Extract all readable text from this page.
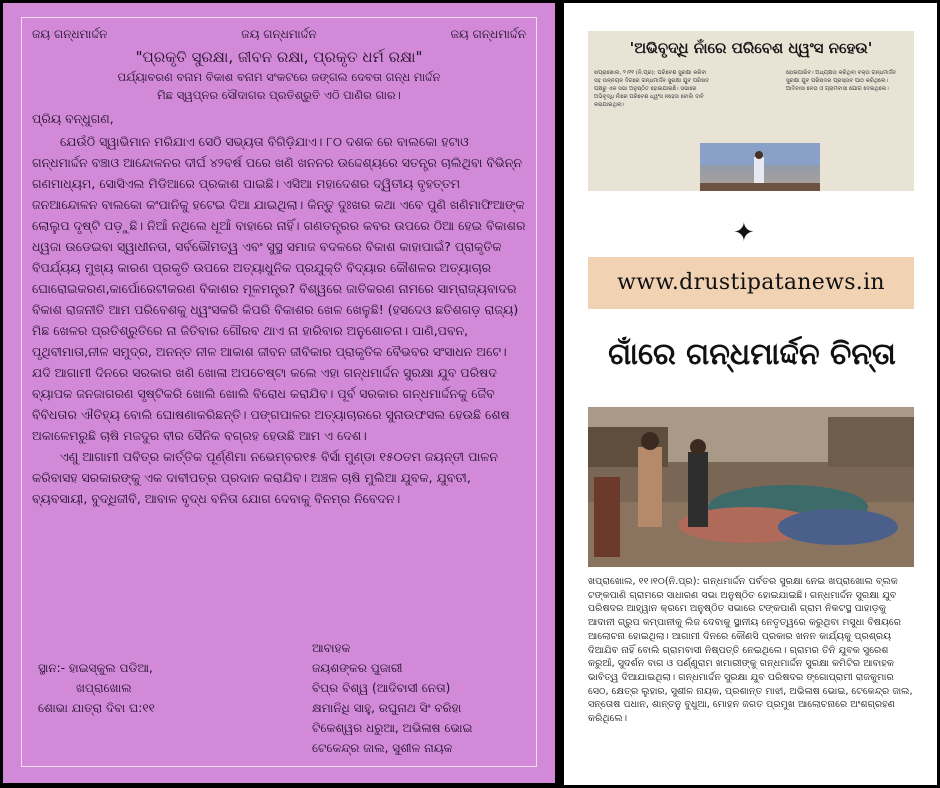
ଜୟ ଗନ୍ଧମାର୍ଦ୍ଦନ	ଜୟ ଗନ୍ଧମାର୍ଦ୍ଦନ	ଜୟ ଗନ୍ଧମାର୍ଦ୍ଦନ
"ପ୍ରକୃତି ସୁରକ୍ଷା, ଜୀବନ ରକ୍ଷା, ପ୍ରକୃତ ଧର୍ମ ରକ୍ଷା"
ପର୍ଯ୍ୟାବରଣ ବନାମ ବିକାଶ ବନାମ ସଂକଟରେ ଜଙ୍ଗଲ ଦେବତା ଗନ୍ଧ ମାର୍ଦ୍ଦନ
ମିଛ ସ୍ୱପ୍ନର ସୌଦାଗର ପ୍ରତିଶ୍ରୁତି ଏଠି ପାଣିର ଗାର।

ପ୍ରିୟ ବନ୍ଧୁଗଣ,

ଯେଉଁଠି ସ୍ୱାଭିମାନ ମରିଯାଏ ସେଠି ସଭ୍ୟତା ବିଗିଡ଼ିଯାଏ। ୮୦ ଦଶକ ରେ ବାଲକୋ ହଟାଓ ଗନ୍ଧମାର୍ଦ୍ଦନ ବଞ୍ଚାଓ ଆନ୍ଦୋଳନର ଦୀର୍ଘ ୪୨ବର୍ଷ ପରେ ଖଣି ଖନନର ଉଦ୍ଦେଶ୍ୟରେ ସତନ୍ତ୍ର ଚାଲିଥିବା ବିଭିନ୍ନ ଗଣମାଧ୍ୟମ, ସୋସିଏଲ ମିଡିଆରେ ପ୍ରକାଶ ପାଇଛି। ଏସିଆ ମହାଦେଶର ଦ୍ୱିତୀୟ ବୃହତ୍ତମ ଜନଆନ୍ଦୋଳନ ବାଲକୋ କଂପାନିକୁ ହଟେଇ ଦିଆ ଯାଇଥିଲା। କିନ୍ତୁ ଦୁଃଖର କଥା ଏବେ ପୁଣି ଖଣିମାଫିଆଙ୍କ ଲୋଲୁପ ଦୃଷ୍ଟି ପଡ଼ୁଛି। ନିଆଁ ନଥିଲେ ଧୂଆଁ ବାହାରେ ନାହିଁ। ଗଣତନ୍ତ୍ରର କବର ଉପରେ ଠିଆ ହେଇ ବିକାଶର ଧ୍ୱଜା ଉଡେଇବା ସ୍ୱାଧୀନତା, ସର୍ବଭୌମତ୍ୱ ଏବଂ ସୁସ୍ଥ ସମାଜ ବଦଳରେ ବିକାଶ କାହାପାଇଁ? ପ୍ରାକୃତିକ ବିପର୍ଯ୍ୟୟ ମୁଖ୍ୟ କାରଣ ପ୍ରକୃତି ଉପରେ ଅତ୍ୟାଧୁନିକ ପ୍ରଯୁକ୍ତି ବିଦ୍ୟାର କୌଶଳର ଅତ୍ୟାଚାର ଘୋରୋଇକରଣ,କାର୍ପୋରେଟୀକରଣ ବିକାଶର ମୂଳମନ୍ତ୍ର? ବିଶ୍ୱରେ ଜାତିକରଣ ନାମରେ ସାମ୍ରାଜ୍ୟବାଦର ବିକାଶ ରାଜନୀତି ଆମ ପରିବେଶକୁ ଧ୍ୱଂସକରି କିପରି ବିକାଶର ଖେଳ ଖେଳୁଛି! (ହସଦେଓ ଛତିଶଗଡ଼ ରାଜ୍ୟ) ମିଛ ଖେଳର ପ୍ରତିଶ୍ରୁତିରେ ନା ଜିତିବାର ଗୌରବ ଥାଏ ନା ହାରିବାର ଅନୁଶୋଚନା। ପାଣି,ପବନ, ପୃଥିବୀମାତା,ନୀଳ ସମୁଦ୍ର, ଅନନ୍ତ ନୀଳ ଆକାଶ ଜୀବନ ଜୀବିକାର ପ୍ରାକୃତିକ ବୈଭବର ସଂସାଧନ ଅଟେ। ଯଦି ଆଗାମୀ ଦିନରେ ସରକାର ଖଣି ଖୋଳା ଅପଚେଷ୍ଟା କଲେ ଏହା ଗନ୍ଧମାର୍ଦ୍ଦନ ସୁରକ୍ଷା ଯୁବ ପରିଷଦ ବ୍ୟାପକ ଜନଜାଗରଣ ସୃଷ୍ଟିକରି ଖୋଲି ଖୋଲି ବିରୋଧ କରାଯିବ। ପୂର୍ବ ସରକାର ଗନ୍ଧମାର୍ଦ୍ଦନକୁ ଜୈବ ବିବିଧତାର ଐତିହ୍ୟ ବୋଲି ଘୋଷଣାକରିଛନ୍ତି। ପଙ୍ଗପାଳର ଅତ୍ୟାଚାରରେ ସୁନାଉଫସଲ ହେଉଛି ଶେଷ ଅକାଳେମରୁଛି ଚାଷି ମଜଦୁର ବୀର ସୈନିକ ବଗ୍ରହ ହେଉଛି ଆମ ଏ ଦେଶ।

ଏଣୁ ଆଗାମୀ ପବିତ୍ର କାର୍ତ୍ତିକ ପୂର୍ଣ୍ଣିମା ନଭେମ୍ବର୧୫ ବିର୍ସା ମୁଣ୍ଡା ୧୫୦ତମ ଜୟନ୍ତୀ ପାଳନ କରିବାସହ ସରକାରଙ୍କୁ ଏକ ଦାବୀପତ୍ର ପ୍ରଦାନ କରାଯିବ। ଅଞ୍ଚଳ ଚାଷି ମୁଲିଆ ଯୁବକ, ଯୁବତୀ, ବ୍ୟବସାୟୀ, ବୁଦ୍ଧିଜୀବି, ଆବାଳ ବୃଦ୍ଧ ବନିତା ଯୋଗ ଦେବାକୁ ବିନମ୍ର ନିବେଦନ।

ସ୍ଥାନ:- ହାଇସ୍କୁଲ ପଡିଆ,
ଖପ୍ରାଖୋଲ
ଶୋଭା ଯାତ୍ରା ଦିବା ଘ:୧୧
ଆବାହକ
ଜୟଶଙ୍କର ପୁଜାରୀ
ବିପ୍ର ବିଶ୍ୱ (ଆଦିବାସୀ ନେତା)
କ୍ଷମାନିଧି ସାହୁ, ରଘୁନାଥ ସିଂ ବରିହା
ଟିକେଶ୍ୱର ଧରୁଆ, ଅଭିଳାଷ ଭୋଇ
ଟେକେନ୍ଦ୍ର ଜାଲ, ସୁଶୀଳ ନାୟକ
'ଅଭିବୃଦ୍ଧି ନାଁରେ ପରିବେଶ ଧ୍ୱଂସ ନହେଉ'
ଖପ୍ରାଖୋଲ, ୨।୧୧ (ନି.ପ୍ର): ପରିବେଶ ସୁରକ୍ଷା କରିବା ସହ ଉନ୍ନୟନ ଦିଗରେ ଗନ୍ଧମାର୍ଦ୍ଦନ ସୁରକ୍ଷା ଯୁବ ପରିଷଦ ପକ୍ଷରୁ ଏକ ସଭା ଅନୁଷ୍ଠିତ ହୋଇଯାଇଛି। ସଭାରେ ଅଭିବୃଦ୍ଧି ନାଁରେ ପରିବେଶ ଧ୍ୱଂସ ନହେଉ ବୋଲି ଦାବି କରାଯାଇଥିଲା।
ହୋଇପାରିବ। ଅଧ୍ୟକ୍ଷତା କରିଥିବା ବକ୍ତା ଗନ୍ଧମାର୍ଦ୍ଦନ ସୁରକ୍ଷା ଯୁବ ପରିଷଦର ପ୍ରସ୍ତାବ ପାଠ କରିଥିଲେ। ଆଦିବାସୀ ନେତା ଓ ଗ୍ରାମବାସୀ ଯୋଗ ଦେଇଥିଲେ।
✦
www.drustipatanews.in
ଗାଁରେ ଗନ୍ଧମାର୍ଦ୍ଦନ ଚିନ୍ତା
ଖପ୍ରାଖୋଲ, ୧୧।୧୦(ନି.ପ୍ର): ଗନ୍ଧମାର୍ଦ୍ଦନ ପର୍ବତର ସୁରକ୍ଷା ନେଇ ଖପ୍ରାଖୋଲ ବ୍ଲକ ଟଙ୍କପାଣି ଗ୍ରାମରେ ସାଧାରଣ ସଭା ଅନୁଷ୍ଠିତ ହୋଇଯାଇଛି। ଗନ୍ଧମାର୍ଦ୍ଦନ ସୁରକ୍ଷା ଯୁବ ପରିଷଦର ଆହ୍ୱାନ କ୍ରମେ ଅନୁଷ୍ଠିତ ସଭାରେ ଟଙ୍କପାଣି ଗ୍ରାମ ନିକଟସ୍ଥ ପାହାଡ଼କୁ ଆଦାନୀ ଗ୍ରୁପ କମ୍ପାନୀକୁ ଲିଜ ଦେବାକୁ ସ୍ଥାନୀୟ ନେତୃତ୍ୱରେ କରୁଥିବା ମସୁଧା ବିଷୟରେ ଆଲୋଚନା ହୋଇଥିଲା। ଆଗାମୀ ଦିନରେ କୌଣସି ପ୍ରକାର ଖନନ କାର୍ଯ୍ୟକୁ ପ୍ରଶ୍ରୟ ଦିଆଯିବ ନାହିଁ ବୋଲି ଗ୍ରାମବାସୀ ନିଷ୍ପତ୍ତି ନେଇଥିଲେ। ଗ୍ରାମର ତିନି ଯୁବକ ସୁରେଶ କରୁଆଁ, ସୁଦର୍ଶନ ବାଗ ଓ ପର୍ଣ୍ଣୁରାମ ଖମାରୀଙ୍କୁ ଗନ୍ଧମାର୍ଦ୍ଦନ ସୁରକ୍ଷା କମିଟିର ଆବାହକ ଭାବିତ୍ୱ ଦିଆଯାଇଥିଲା। ଗନ୍ଧମାର୍ଦ୍ଦନ ସୁରକ୍ଷା ଯୁବ ପରିଷଦର ଙ୍ଗୋପ୍ରାମୀ ରାଜକୁମାର ସେଠ, କ୍ଷେତ୍ର ଲୁହାର, ସୁଶୀଳ ନାୟକ, ପ୍ରଶାନ୍ତ ମାଝୀ, ଅଭିଳାଷ ଭୋଇ, ଟେକେନ୍ଦ୍ର ଜାଲ, ସନ୍ତୋଷ ପଧାନ, ଶାନ୍ତନୁ ବୁଧୁଆ, ମୋହନ ଜଗତ ପ୍ରମୁଖ ଆଲୋଚନାରେ ଅଂଶଗ୍ରହଣ କରିଥିଲେ।
